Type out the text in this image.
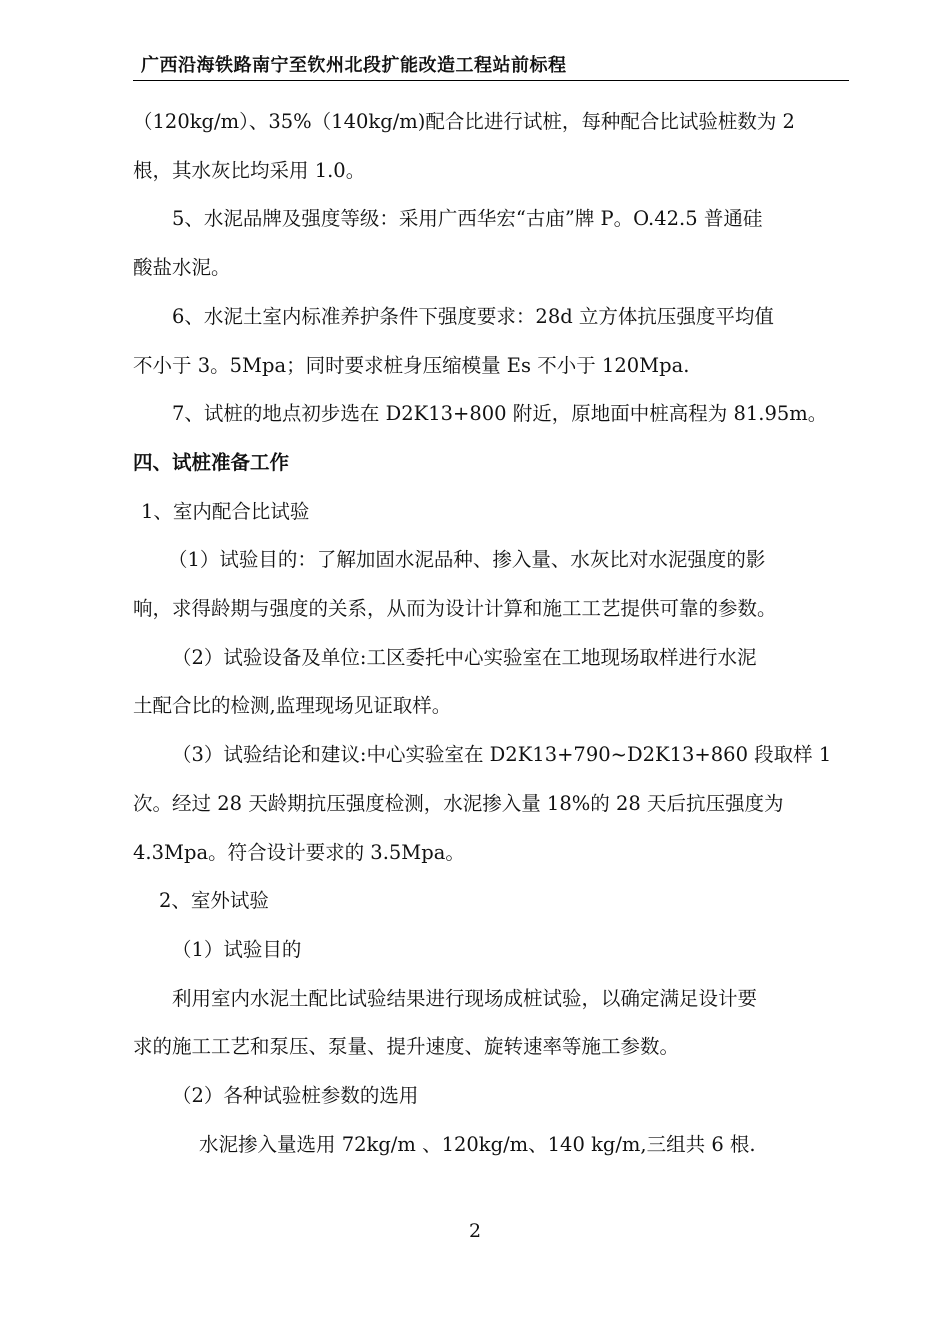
广西沿海铁路南宁至钦州北段扩能改造工程站前标程

（120kg/m）、35%（140kg/m)配合比进行试桩，每种配合比试验桩数为 2

根，其水灰比均采用 1.0。

5、水泥品牌及强度等级：采用广西华宏“古庙”牌 P。O.42.5 普通硅

酸盐水泥。

6、水泥土室内标准养护条件下强度要求：28d 立方体抗压强度平均值

不小于 3。5Mpa；同时要求桩身压缩模量 Es 不小于 120Mpa.

7、试桩的地点初步选在 D2K13+800 附近，原地面中桩高程为 81.95m。

四、试桩准备工作

1、室内配合比试验

（1）试验目的：了解加固水泥品种、掺入量、水灰比对水泥强度的影

响，求得龄期与强度的关系，从而为设计计算和施工工艺提供可靠的参数。

（2）试验设备及单位:工区委托中心实验室在工地现场取样进行水泥

土配合比的检测,监理现场见证取样。

（3）试验结论和建议:中心实验室在 D2K13+790~D2K13+860 段取样 1

次。经过 28 天龄期抗压强度检测，水泥掺入量 18%的 28 天后抗压强度为

4.3Mpa。符合设计要求的 3.5Mpa。

2、室外试验

（1）试验目的

利用室内水泥土配比试验结果进行现场成桩试验，以确定满足设计要

求的施工工艺和泵压、泵量、提升速度、旋转速率等施工参数。

（2）各种试验桩参数的选用

水泥掺入量选用 72kg/m 、120kg/m、140 kg/m,三组共 6 根.

2
